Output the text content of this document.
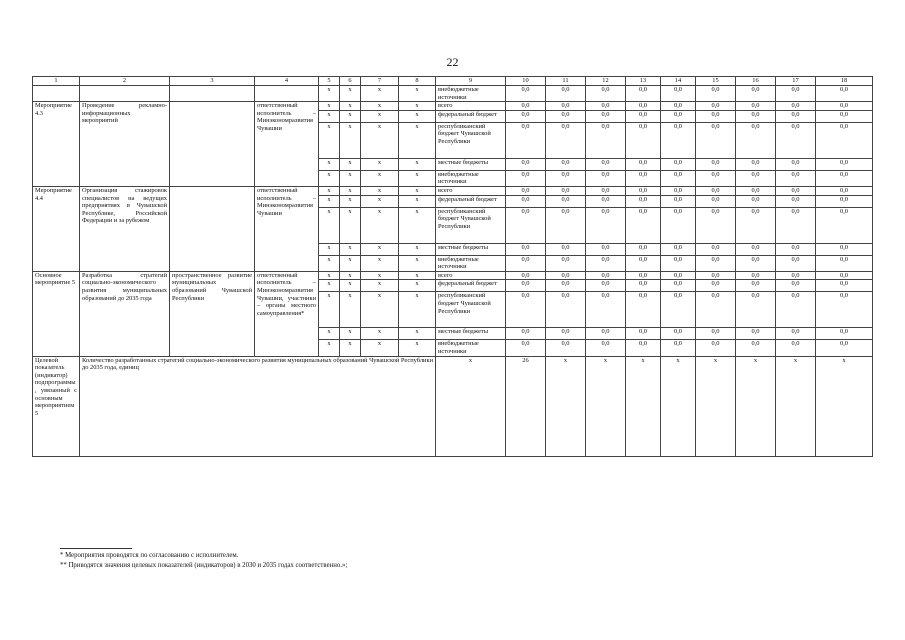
22
1	2	3	4	5	6	7	8	9	10	11	12	13	14	15	16	17	18
				x	x	x	x	внебюджетные источники	0,0	0,0	0,0	0,0	0,0	0,0	0,0	0,0	0,0
Мероприятие 4.3	Проведение рекламно-информационных мероприятий		ответственный исполнитель – Минэкономразвития Чувашии	x	x	x	x	всего	0,0	0,0	0,0	0,0	0,0	0,0	0,0	0,0	0,0
				x	x	x	x	федеральный бюджет	0,0	0,0	0,0	0,0	0,0	0,0	0,0	0,0	0,0
				x	x	x	x	республиканский бюджет Чувашской Республики	0,0	0,0	0,0	0,0	0,0	0,0	0,0	0,0	0,0
				x	x	x	x	местные бюджеты	0,0	0,0	0,0	0,0	0,0	0,0	0,0	0,0	0,0
				x	x	x	x	внебюджетные источники	0,0	0,0	0,0	0,0	0,0	0,0	0,0	0,0	0,0
Мероприятие 4.4	Организация стажировок специалистов на ведущих предприятиях в Чувашской Республике, Российской Федерации и за рубежом		ответственный исполнитель – Минэкономразвития Чувашии	x	x	x	x	всего	0,0	0,0	0,0	0,0	0,0	0,0	0,0	0,0	0,0
				x	x	x	x	федеральный бюджет	0,0	0,0	0,0	0,0	0,0	0,0	0,0	0,0	0,0
				x	x	x	x	республиканский бюджет Чувашской Республики	0,0	0,0	0,0	0,0	0,0	0,0	0,0	0,0	0,0
				x	x	x	x	местные бюджеты	0,0	0,0	0,0	0,0	0,0	0,0	0,0	0,0	0,0
				x	x	x	x	внебюджетные источники	0,0	0,0	0,0	0,0	0,0	0,0	0,0	0,0	0,0
Основное мероприятие 5	Разработка стратегий социально-экономического развития муниципальных образований до 2035 года	пространственное развитие муниципальных образований Чувашской Республики	ответственный исполнитель – Минэкономразвития Чувашии, участники – органы местного самоуправления*	x	x	x	x	всего	0,0	0,0	0,0	0,0	0,0	0,0	0,0	0,0	0,0
				x	x	x	x	федеральный бюджет	0,0	0,0	0,0	0,0	0,0	0,0	0,0	0,0	0,0
				x	x	x	x	республиканский бюджет Чувашской Республики	0,0	0,0	0,0	0,0	0,0	0,0	0,0	0,0	0,0
				x	x	x	x	местные бюджеты	0,0	0,0	0,0	0,0	0,0	0,0	0,0	0,0	0,0
				x	x	x	x	внебюджетные источники	0,0	0,0	0,0	0,0	0,0	0,0	0,0	0,0	0,0
Целевой показатель (индикатор) подпрограммы, увязанный с основным мероприятием 5	Количество разработанных стратегий социально-экономического развития муниципальных образований Чувашской Республики до 2035 года, единиц							x	26	x	x	x	x	x	x	x	x
* Мероприятия проводятся по согласованию с исполнителем.
** Приводятся значения целевых показателей (индикаторов) в 2030 и 2035 годах соответственно.»;
